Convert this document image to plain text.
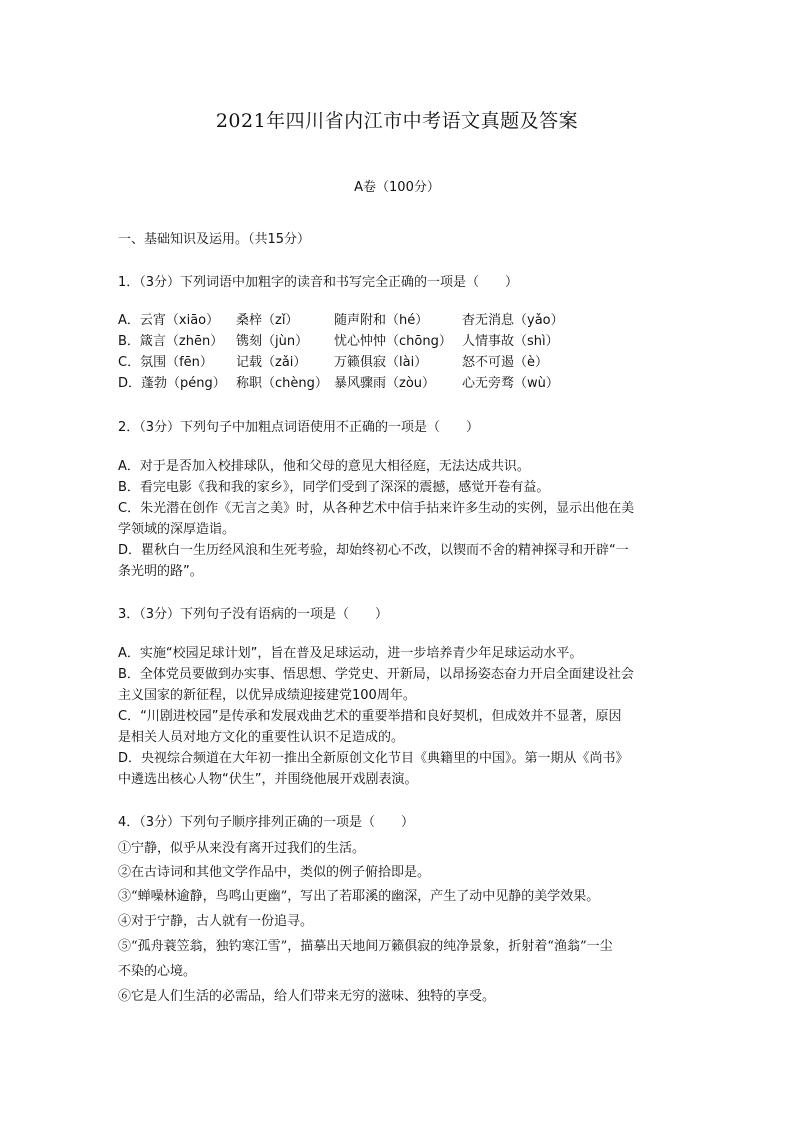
2021年四川省内江市中考语文真题及答案
A卷（100分）
一、基础知识及运用。（共15分）
1．（3分）下列词语中加粗字的读音和书写完全正确的一项是（　　）
A．云宵（xiāo） 桑梓（zǐ）	随声附和（hé）	杳无消息（yǎo）
B．箴言（zhēn） 镌刻（jùn） 忧心忡忡（chōng） 人情事故（shì）
C．氛围（fēn） 记载（zǎi） 万籁俱寂（lài）	怒不可遏（è）
D．蓬勃（péng） 称职（chèng） 暴风骤雨（zòu） 心无旁骛（wù）
2．（3分）下列句子中加粗点词语使用不正确的一项是（　　）
A．对于是否加入校排球队，他和父母的意见大相径庭，无法达成共识。
B．看完电影《我和我的家乡》，同学们受到了深深的震撼，感觉开卷有益。
C．朱光潜在创作《无言之美》时，从各种艺术中信手拈来许多生动的实例，显示出他在美
学领域的深厚造诣。
D．瞿秋白一生历经风浪和生死考验，却始终初心不改，以锲而不舍的精神探寻和开辟“一
条光明的路”。
3．（3分）下列句子没有语病的一项是（　　）
A．实施“校园足球计划”，旨在普及足球运动，进一步培养青少年足球运动水平。
B．全体党员要做到办实事、悟思想、学党史、开新局，以昂扬姿态奋力开启全面建设社会
主义国家的新征程，以优异成绩迎接建党100周年。
C．“川剧进校园”是传承和发展戏曲艺术的重要举措和良好契机，但成效并不显著，原因
是相关人员对地方文化的重要性认识不足造成的。
D．央视综合频道在大年初一推出全新原创文化节目《典籍里的中国》。第一期从《尚书》
中遴选出核心人物“伏生”，并围绕他展开戏剧表演。
4．（3分）下列句子顺序排列正确的一项是（　　）
①宁静，似乎从来没有离开过我们的生活。
②在古诗词和其他文学作品中，类似的例子俯拾即是。
③“蝉噪林逾静，鸟鸣山更幽”，写出了若耶溪的幽深，产生了动中见静的美学效果。
④对于宁静，古人就有一份追寻。
⑤“孤舟蓑笠翁，独钓寒江雪”，描摹出天地间万籁俱寂的纯净景象，折射着“渔翁”一尘
不染的心境。
⑥它是人们生活的必需品，给人们带来无穷的滋味、独特的享受。
